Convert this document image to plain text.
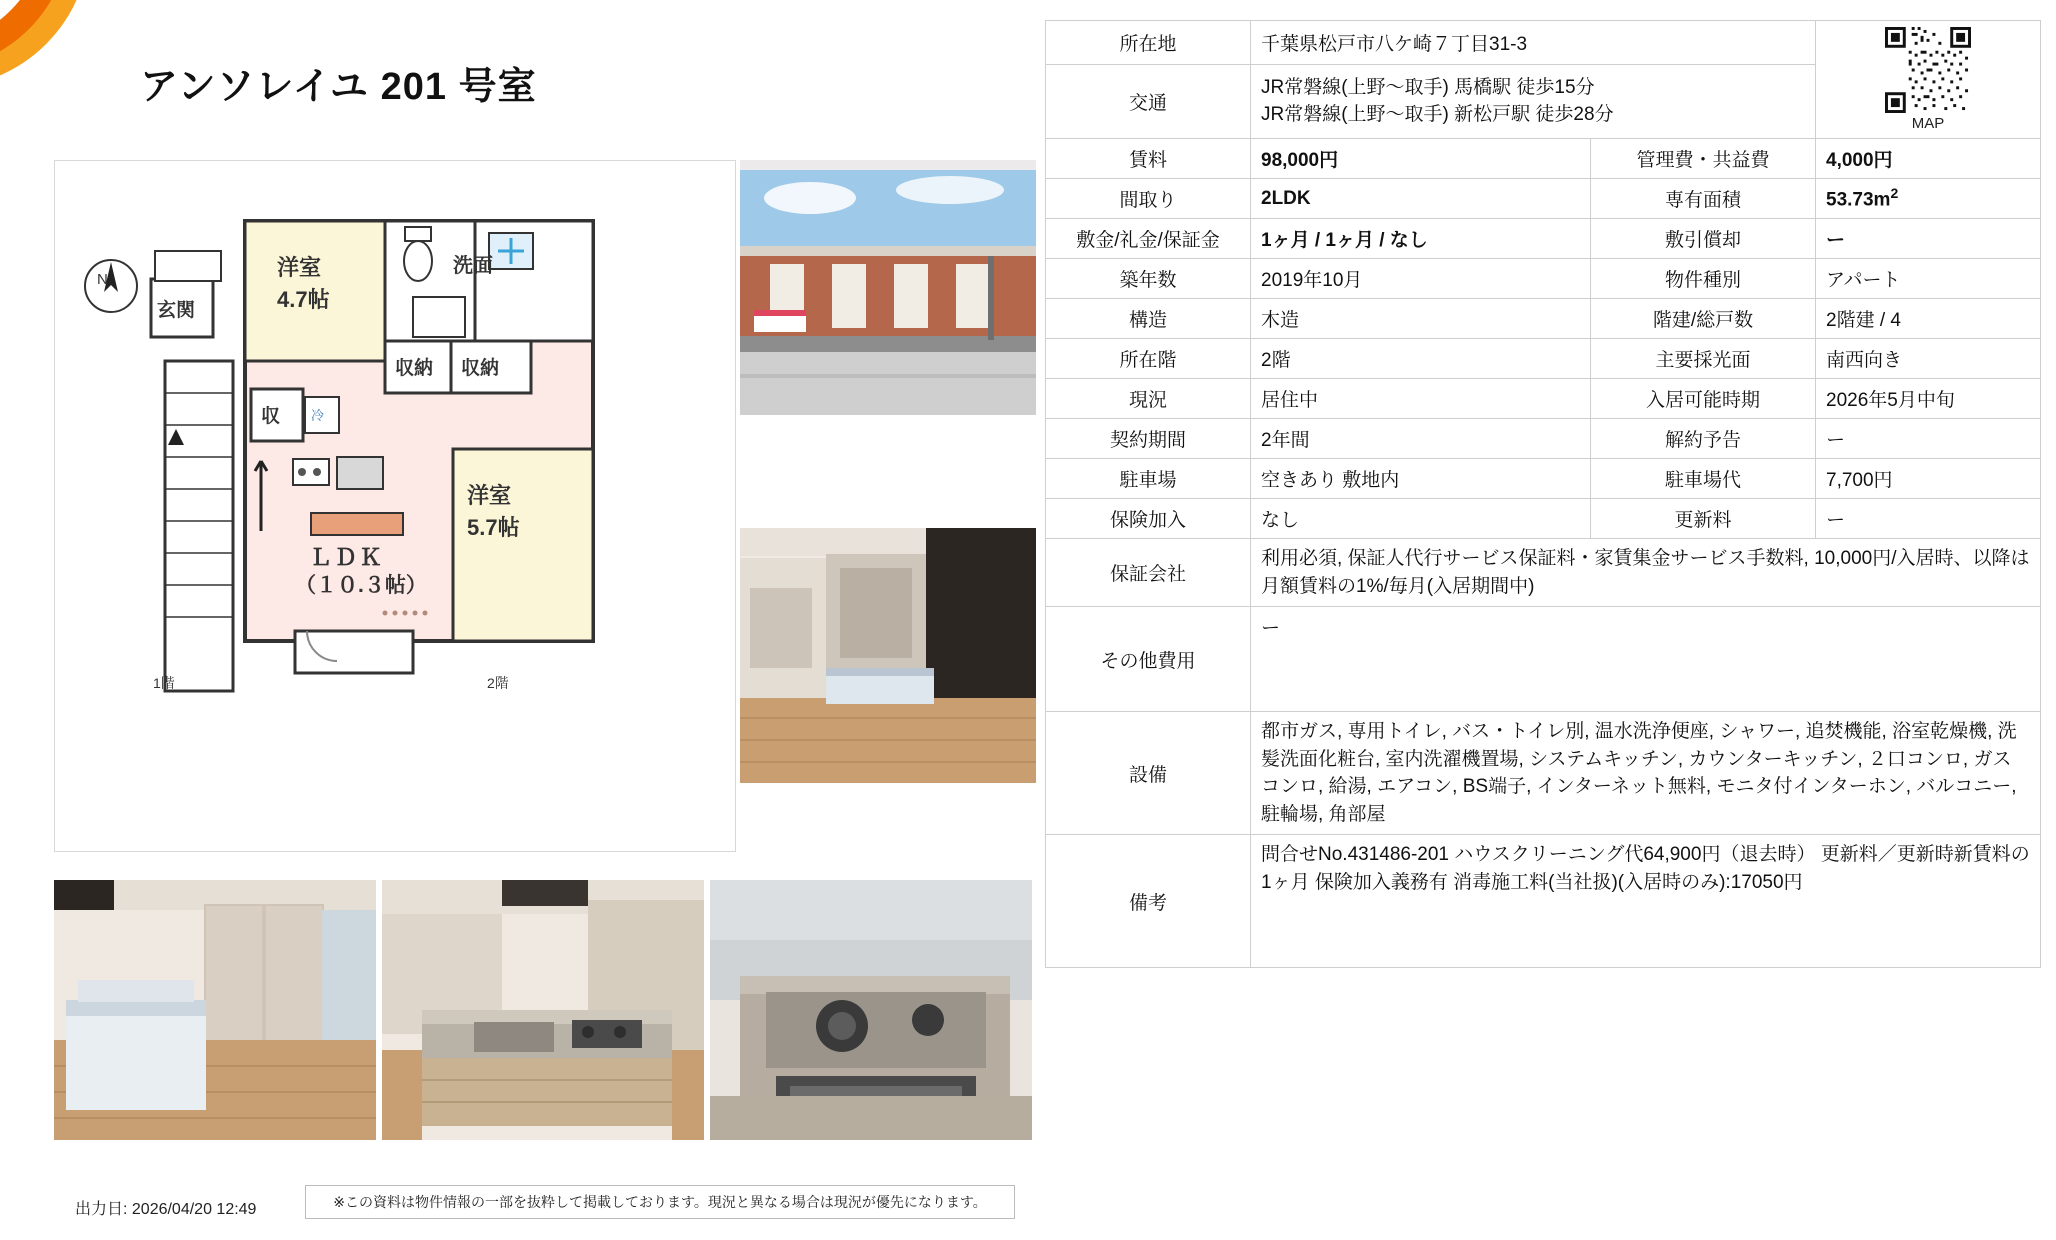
アンソレイユ 201 号室
N
玄関
洋室
4.7帖
洗面
収納 収納
収 冷
洋室
5.7帖
ＬＤＫ
（１０.３帖）
1階	2階
出力日: 2026/04/20 12:49	※この資料は物件情報の一部を抜粋して掲載しております。現況と異なる場合は現況が優先になります。
所在地	千葉県松戸市八ケ崎７丁目31-3		MAP

交通	JR常磐線(上野〜取手) 馬橋駅 徒歩15分
JR常磐線(上野〜取手) 新松戸駅 徒歩28分		

賃料	98,000円	管理費・共益費	4,000円
間取り	2LDK	専有面積	$53.73m^2$
敷金/礼金/保証金	1ヶ月 / 1ヶ月 / なし	敷引償却	ー
築年数	2019年10月	物件種別	アパート
構造	木造	階建/総戸数	2階建 / 4
所在階	2階	主要採光面	南西向き
現況	居住中	入居可能時期	2026年5月中旬
契約期間	2年間	解約予告	ー
駐車場	空きあり 敷地内	駐車場代	7,700円
保険加入	なし	更新料	ー
保証会社	利用必須, 保証人代行サービス保証料・家賃集金サービス手数料, 10,000円/入居時、以降は月額賃料の1%/毎月(入居期間中)		
その他費用	ー		
設備	都市ガス, 専用トイレ, バス・トイレ別, 温水洗浄便座, シャワー, 追焚機能, 浴室乾燥機, 洗髪洗面化粧台, 室内洗濯機置場, システムキッチン, カウンターキッチン, ２口コンロ, ガスコンロ, 給湯, エアコン, BS端子, インターネット無料, モニタ付インターホン, バルコニー, 駐輪場, 角部屋		
備考	問合せNo.431486-201 ハウスクリーニング代64,900円（退去時） 更新料／更新時新賃料の1ヶ月 保険加入義務有 消毒施工料(当社扱)(入居時のみ):17050円		
